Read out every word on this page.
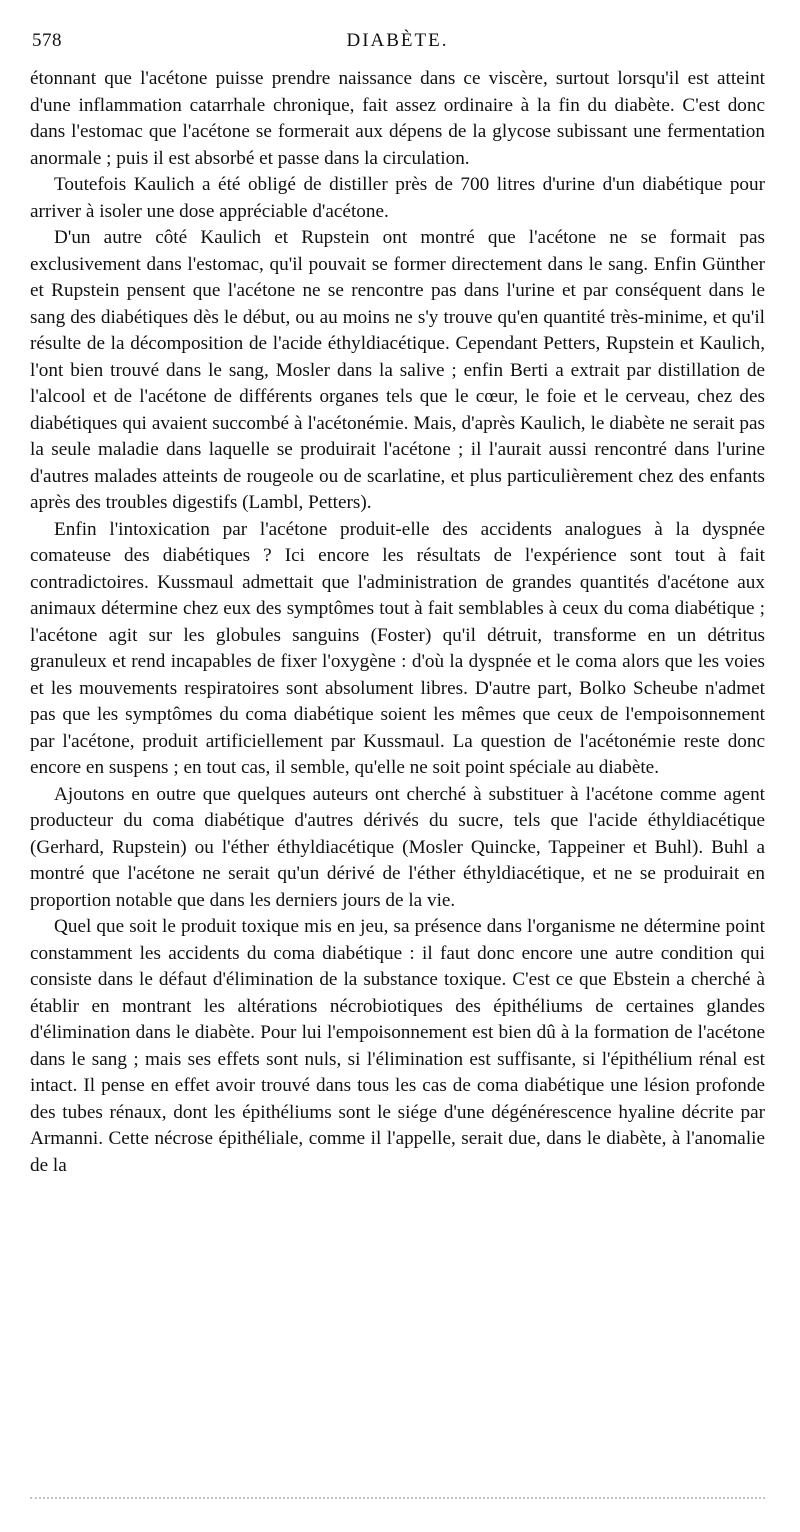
578	DIABÈTE.

étonnant que l'acétone puisse prendre naissance dans ce viscère, surtout lorsqu'il est atteint d'une inflammation catarrhale chronique, fait assez ordinaire à la fin du diabète. C'est donc dans l'estomac que l'acétone se formerait aux dépens de la glycose subissant une fermentation anormale ; puis il est absorbé et passe dans la circulation.

Toutefois Kaulich a été obligé de distiller près de 700 litres d'urine d'un diabétique pour arriver à isoler une dose appréciable d'acétone.

D'un autre côté Kaulich et Rupstein ont montré que l'acétone ne se formait pas exclusivement dans l'estomac, qu'il pouvait se former directement dans le sang. Enfin Günther et Rupstein pensent que l'acétone ne se rencontre pas dans l'urine et par conséquent dans le sang des diabétiques dès le début, ou au moins ne s'y trouve qu'en quantité très-minime, et qu'il résulte de la décomposition de l'acide éthyldiacétique. Cependant Petters, Rupstein et Kaulich, l'ont bien trouvé dans le sang, Mosler dans la salive ; enfin Berti a extrait par distillation de l'alcool et de l'acétone de différents organes tels que le cœur, le foie et le cerveau, chez des diabétiques qui avaient succombé à l'acétonémie. Mais, d'après Kaulich, le diabète ne serait pas la seule maladie dans laquelle se produirait l'acétone ; il l'aurait aussi rencontré dans l'urine d'autres malades atteints de rougeole ou de scarlatine, et plus particulièrement chez des enfants après des troubles digestifs (Lambl, Petters).

Enfin l'intoxication par l'acétone produit-elle des accidents analogues à la dyspnée comateuse des diabétiques ? Ici encore les résultats de l'expérience sont tout à fait contradictoires. Kussmaul admettait que l'administration de grandes quantités d'acétone aux animaux détermine chez eux des symptômes tout à fait semblables à ceux du coma diabétique ; l'acétone agit sur les globules sanguins (Foster) qu'il détruit, transforme en un détritus granuleux et rend incapables de fixer l'oxygène : d'où la dyspnée et le coma alors que les voies et les mouvements respiratoires sont absolument libres. D'autre part, Bolko Scheube n'admet pas que les symptômes du coma diabétique soient les mêmes que ceux de l'empoisonnement par l'acétone, produit artificiellement par Kussmaul. La question de l'acétonémie reste donc encore en suspens ; en tout cas, il semble, qu'elle ne soit point spéciale au diabète.

Ajoutons en outre que quelques auteurs ont cherché à substituer à l'acétone comme agent producteur du coma diabétique d'autres dérivés du sucre, tels que l'acide éthyldiacétique (Gerhard, Rupstein) ou l'éther éthyldiacétique (Mosler Quincke, Tappeiner et Buhl). Buhl a montré que l'acétone ne serait qu'un dérivé de l'éther éthyldiacétique, et ne se produirait en proportion notable que dans les derniers jours de la vie.

Quel que soit le produit toxique mis en jeu, sa présence dans l'organisme ne détermine point constamment les accidents du coma diabétique : il faut donc encore une autre condition qui consiste dans le défaut d'élimination de la substance toxique. C'est ce que Ebstein a cherché à établir en montrant les altérations nécrobiotiques des épithéliums de certaines glandes d'élimination dans le diabète. Pour lui l'empoisonnement est bien dû à la formation de l'acétone dans le sang ; mais ses effets sont nuls, si l'élimination est suffisante, si l'épithélium rénal est intact. Il pense en effet avoir trouvé dans tous les cas de coma diabétique une lésion profonde des tubes rénaux, dont les épithéliums sont le siége d'une dégénérescence hyaline décrite par Armanni. Cette nécrose épithéliale, comme il l'appelle, serait due, dans le diabète, à l'anomalie de la
